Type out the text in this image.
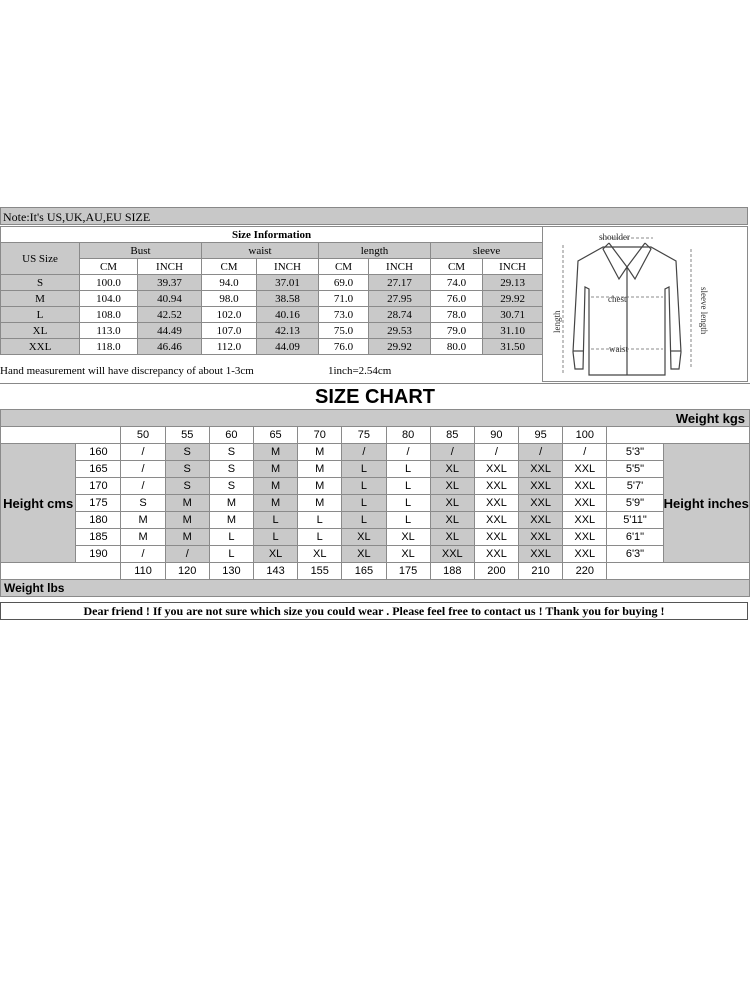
Note:It's US,UK,AU,EU SIZE
Size Information								
US Size	Bust		waist		length		sleeve	
	CM	INCH	CM	INCH	CM	INCH	CM	INCH
S	100.0	39.37	94.0	37.01	69.0	27.17	74.0	29.13
M	104.0	40.94	98.0	38.58	71.0	27.95	76.0	29.92
L	108.0	42.52	102.0	40.16	73.0	28.74	78.0	30.71
XL	113.0	44.49	107.0	42.13	75.0	29.53	79.0	31.10
XXL	118.0	46.46	112.0	44.09	76.0	29.92	80.0	31.50
Hand measurement will have discrepancy of about 1-3cm	1inch=2.54cm
shoulder
chest
waist
length	sleeve length
SIZE CHART
Weight kgs														
		50	55	60	65	70	75	80	85	90	95	100		
Height cms	160	/	S	S	M	M	/	/	/	/	/	/	5'3"	Height inches
	165	/	S	S	M	M	L	L	XL	XXL	XXL	XXL	5'5"	
	170	/	S	S	M	M	L	L	XL	XXL	XXL	XXL	5'7'	
	175	S	M	M	M	M	L	L	XL	XXL	XXL	XXL	5'9"	
	180	M	M	M	L	L	L	L	XL	XXL	XXL	XXL	5'11"	
	185	M	M	L	L	L	XL	XL	XL	XXL	XXL	XXL	6'1"	
	190	/	/	L	XL	XL	XL	XL	XXL	XXL	XXL	XXL	6'3"	
		110	120	130	143	155	165	175	188	200	210	220		
Weight lbs														
Dear friend ! If you are not sure which size you could wear . Please feel free to contact us ! Thank you for buying !
